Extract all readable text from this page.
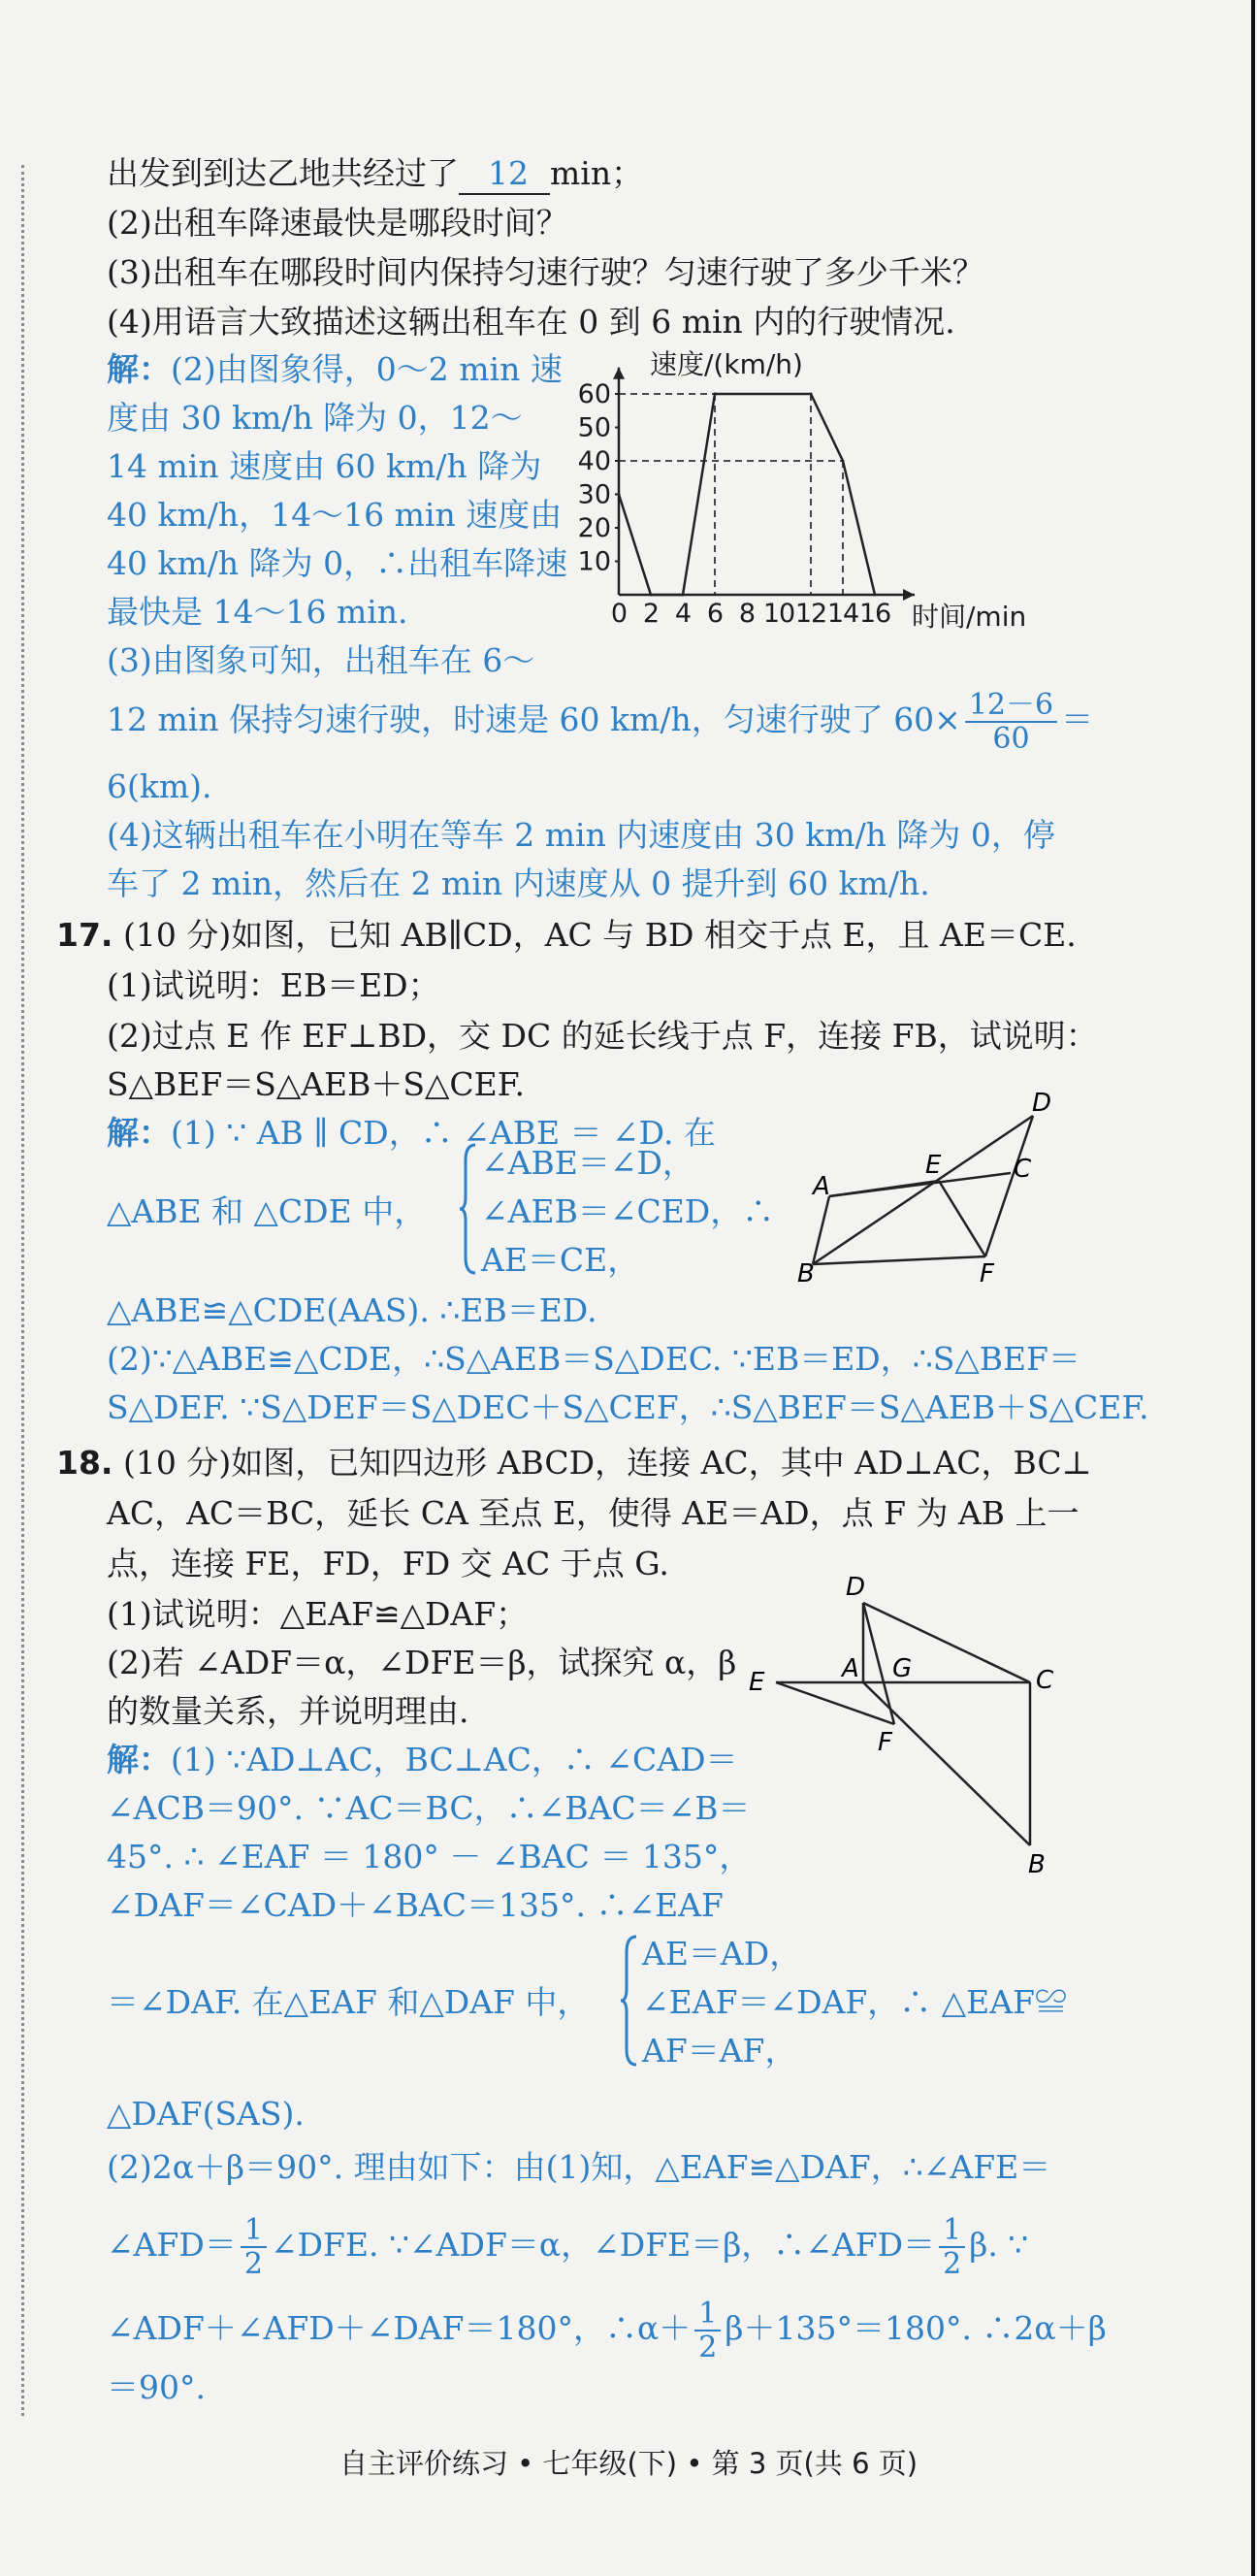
出发到到达乙地共经过了 12 min；
(2)出租车降速最快是哪段时间？
(3)出租车在哪段时间内保持匀速行驶？匀速行驶了多少千米？
(4)用语言大致描述这辆出租车在 0 到 6 min 内的行驶情况.
解：(2)由图象得，0～2 min 速
度由 30 km/h 降为 0，12～
14 min 速度由 60 km/h 降为
40 km/h，14～16 min 速度由
40 km/h 降为 0，∴出租车降速
最快是 14～16 min.
(3)由图象可知，出租车在 6～
12 min 保持匀速行驶，时速是 60 km/h，匀速行驶了 $60\times \frac{12-6}{60}$ ＝
6(km).
(4)这辆出租车在小明在等车 2 min 内速度由 30 km/h 降为 0，停
车了 2 min，然后在 2 min 内速度从 0 提升到 60 km/h.
速度/(km/h)
时间/min
10
20
30
40
50
60
0 2 4 6 8 10 12 14 16
17. (10 分)如图，已知 AB∥CD，AC 与 BD 相交于点 E，且 AE＝CE.
(1)试说明：EB＝ED；
(2)过点 E 作 EF⊥BD，交 DC 的延长线于点 F，连接 FB，试说明：
S△BEF＝S△AEB＋S△CEF.
解：(1) ∵ AB ∥ CD，∴ ∠ABE ＝ ∠D. 在
△ABE 和 △CDE 中，
∠ABE＝∠D，
∠AEB＝∠CED，∴
AE＝CE，
△ABE≌△CDE(AAS). ∴EB＝ED.
(2)∵△ABE≌△CDE，∴S△AEB＝S△DEC. ∵EB＝ED，∴S△BEF＝
S△DEF. ∵S△DEF＝S△DEC＋S△CEF，∴S△BEF＝S△AEB＋S△CEF.
D
C
A
E
B	F
18. (10 分)如图，已知四边形 ABCD，连接 AC，其中 AD⊥AC，BC⊥
AC，AC＝BC，延长 CA 至点 E，使得 AE＝AD，点 F 为 AB 上一
点，连接 FE，FD，FD 交 AC 于点 G.
(1)试说明：△EAF≌△DAF；
(2)若 ∠ADF＝α，∠DFE＝β，试探究 α，β
的数量关系，并说明理由.
解：(1) ∵AD⊥AC，BC⊥AC，∴ ∠CAD＝
∠ACB＝90°. ∵AC＝BC，∴∠BAC＝∠B＝
45°. ∴ ∠EAF ＝ 180° － ∠BAC ＝ 135°，
∠DAF＝∠CAD＋∠BAC＝135°. ∴∠EAF
＝∠DAF. 在△EAF 和△DAF 中，
AE＝AD，
∠EAF＝∠DAF，∴ △EAF≌
AF＝AF，
△DAF(SAS).
(2)2α＋β＝90°. 理由如下：由(1)知，△EAF≌△DAF，∴∠AFE＝
∠AFD＝ $\frac{1}{2}$ ∠DFE. ∵∠ADF＝α，∠DFE＝β，∴∠AFD＝ $\frac{1}{2} \beta$. ∵
∠ADF＋∠AFD＋∠DAF＝180°，∴α＋ $\frac{1}{2} \beta+135^\circ=180^\circ$. ∴2α＋β
＝90°.
D
E	A G	C
F
B
自主评价练习 • 七年级(下) • 第 3 页(共 6 页)
